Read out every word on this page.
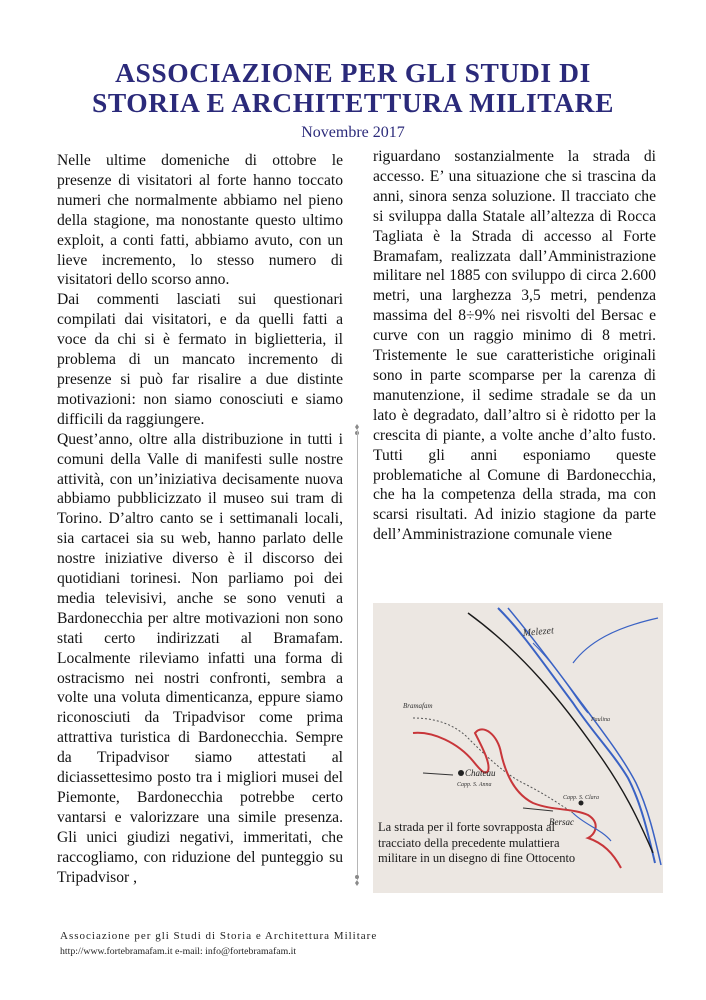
ASSOCIAZIONE PER GLI STUDI DI
STORIA E ARCHITETTURA MILITARE
Novembre 2017

Nelle ultime domeniche di ottobre le presenze di visitatori al forte hanno toccato numeri che normalmente abbiamo nel pieno della stagione, ma nonostante questo ultimo exploit, a conti fatti, abbiamo avuto, con un lieve incremento, lo stesso numero di visitatori dello scorso anno.

Dai commenti lasciati sui questionari compilati dai visitatori, e da quelli fatti a voce da chi si è fermato in biglietteria, il problema di un mancato incremento di presenze si può far risalire a due distinte motivazioni: non siamo conosciuti e siamo difficili da raggiungere.

Quest’anno, oltre alla distribuzione in tutti i comuni della Valle di manifesti sulle nostre attività, con un’iniziativa decisamente nuova abbiamo pubblicizzato il museo sui tram di Torino. D’altro canto se i settimanali locali, sia cartacei sia su web, hanno parlato delle nostre iniziative diverso è il discorso dei quotidiani torinesi. Non parliamo poi dei media televisivi, anche se sono venuti a Bardonecchia per altre motivazioni non sono stati certo indirizzati al Bramafam. Localmente rileviamo infatti una forma di ostracismo nei nostri confronti, sembra a volte una voluta dimenticanza, eppure siamo riconosciuti da Tripadvisor come prima attrattiva turistica di Bardonecchia. Sempre da Tripadvisor siamo attestati al diciassettesimo posto tra i migliori musei del Piemonte, Bardonecchia potrebbe certo vantarsi e valorizzare una simile presenza. Gli unici giudizi negativi, immeritati, che raccogliamo, con riduzione del punteggio su Tripadvisor ,

riguardano sostanzialmente la strada di accesso. E’ una situazione che si trascina da anni, sinora senza soluzione. Il tracciato che si sviluppa dalla Statale all’altezza di Rocca Tagliata è la Strada di accesso al Forte Bramafam, realizzata dall’Amministrazione militare nel 1885 con sviluppo di circa 2.600 metri, una larghezza 3,5 metri, pendenza massima del 8÷9% nei risvolti del Bersac e curve con un raggio minimo di 8 metri. Tristemente le sue caratteristiche originali sono in parte scomparse per la carenza di manutenzione, il sedime stradale se da un lato è degradato, dall’altro si è ridotto per la crescita di piante, a volte anche d’alto fusto. Tutti gli anni esponiamo queste problematiche al Comune di Bardonecchia, che ha la competenza della strada, ma con scarsi risultati. Ad inizio stagione da parte dell’Amministrazione comunale viene

Melezet
Bramafam
Chateau
Capp. S. Anna
Capp. S. Clara
Bersac
Paulina
La strada per il forte sovrapposta al tracciato della precedente mulattiera militare in un disegno di fine Ottocento
Associazione per gli Studi di Storia e Architettura Militare
http://www.fortebramafam.it e-mail: info@fortebramafam.it
